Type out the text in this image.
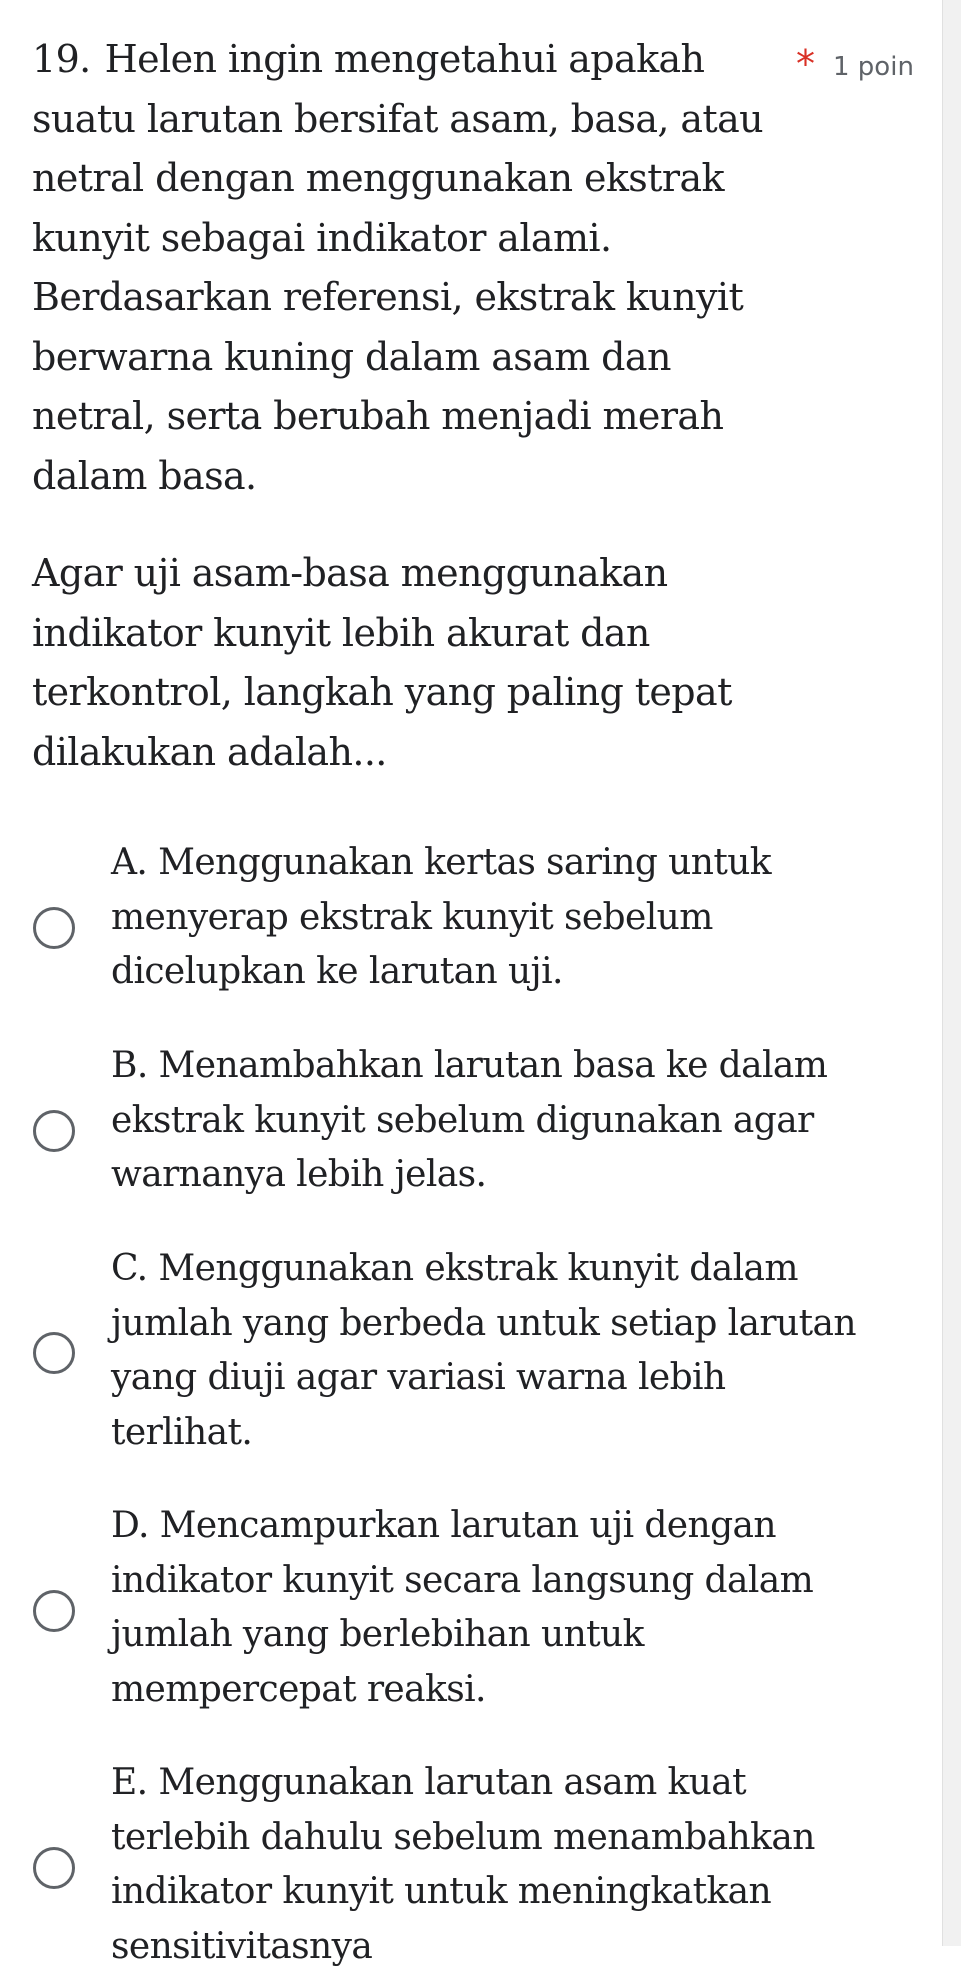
19. Helen ingin mengetahui apakah suatu larutan bersifat asam, basa, atau netral dengan menggunakan ekstrak kunyit sebagai indikator alami. Berdasarkan referensi, ekstrak kunyit berwarna kuning dalam asam dan netral, serta berubah menjadi merah dalam basa.

* 1 poin

Agar uji asam-basa menggunakan indikator kunyit lebih akurat dan terkontrol, langkah yang paling tepat dilakukan adalah...

A. Menggunakan kertas saring untuk menyerap ekstrak kunyit sebelum dicelupkan ke larutan uji.
B. Menambahkan larutan basa ke dalam ekstrak kunyit sebelum digunakan agar warnanya lebih jelas.
C. Menggunakan ekstrak kunyit dalam jumlah yang berbeda untuk setiap larutan yang diuji agar variasi warna lebih terlihat.
D. Mencampurkan larutan uji dengan indikator kunyit secara langsung dalam jumlah yang berlebihan untuk mempercepat reaksi.
E. Menggunakan larutan asam kuat terlebih dahulu sebelum menambahkan indikator kunyit untuk meningkatkan sensitivitasnya
